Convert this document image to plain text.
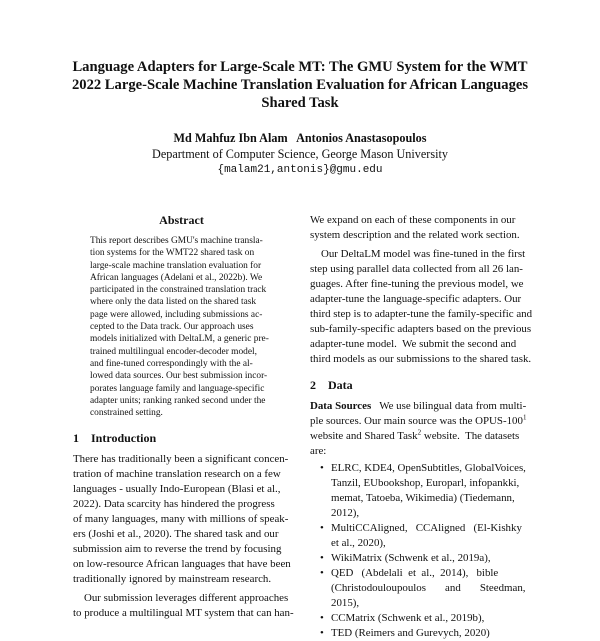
Language Adapters for Large-Scale MT: The GMU System for the WMT
2022 Large-Scale Machine Translation Evaluation for African Languages
Shared Task
Md Mahfuz Ibn Alam   Antonios Anastasopoulos
Department of Computer Science, George Mason University
{malam21,antonis}@gmu.edu
Abstract
This report describes GMU's machine transla-
tion systems for the WMT22 shared task on
large-scale machine translation evaluation for
African languages (Adelani et al., 2022b). We
participated in the constrained translation track
where only the data listed on the shared task
page were allowed, including submissions ac-
cepted to the Data track. Our approach uses
models initialized with DeltaLM, a generic pre-
trained multilingual encoder-decoder model,
and fine-tuned correspondingly with the al-
lowed data sources. Our best submission incor-
porates language family and language-specific
adapter units; ranking ranked second under the
constrained setting.
1 Introduction
There has traditionally been a significant concen-
tration of machine translation research on a few
languages - usually Indo-European (Blasi et al.,
2022). Data scarcity has hindered the progress
of many languages, many with millions of speak-
ers (Joshi et al., 2020). The shared task and our
submission aim to reverse the trend by focusing
on low-resource African languages that have been
traditionally ignored by mainstream research.
Our submission leverages different approaches
to produce a multilingual MT system that can han-
We expand on each of these components in our
system description and the related work section.
Our DeltaLM model was fine-tuned in the first
step using parallel data collected from all 26 lan-
guages. After fine-tuning the previous model, we
adapter-tune the language-specific adapters. Our
third step is to adapter-tune the family-specific and
sub-family-specific adapters based on the previous
adapter-tune model.  We submit the second and
third models as our submissions to the shared task.
2 Data
Data Sources   We use bilingual data from multi-
ple sources. Our main source was the OPUS-$100^1$
website and Shared Task$^2$ website.  The datasets
are:
• ELRC, KDE4, OpenSubtitles, GlobalVoices,
Tanzil, EUbookshop, Europarl, infopankki,
memat, Tatoeba, Wikimedia) (Tiedemann,
2012),
• MultiCCAligned,   CCAligned   (El-Kishky
et al., 2020),
• WikiMatrix (Schwenk et al., 2019a),
• QED   (Abdelali  et  al.,  2014),   bible
(Christodouloupoulos       and       Steedman,
2015),
• CCMatrix (Schwenk et al., 2019b),
• TED (Reimers and Gurevych, 2020)
